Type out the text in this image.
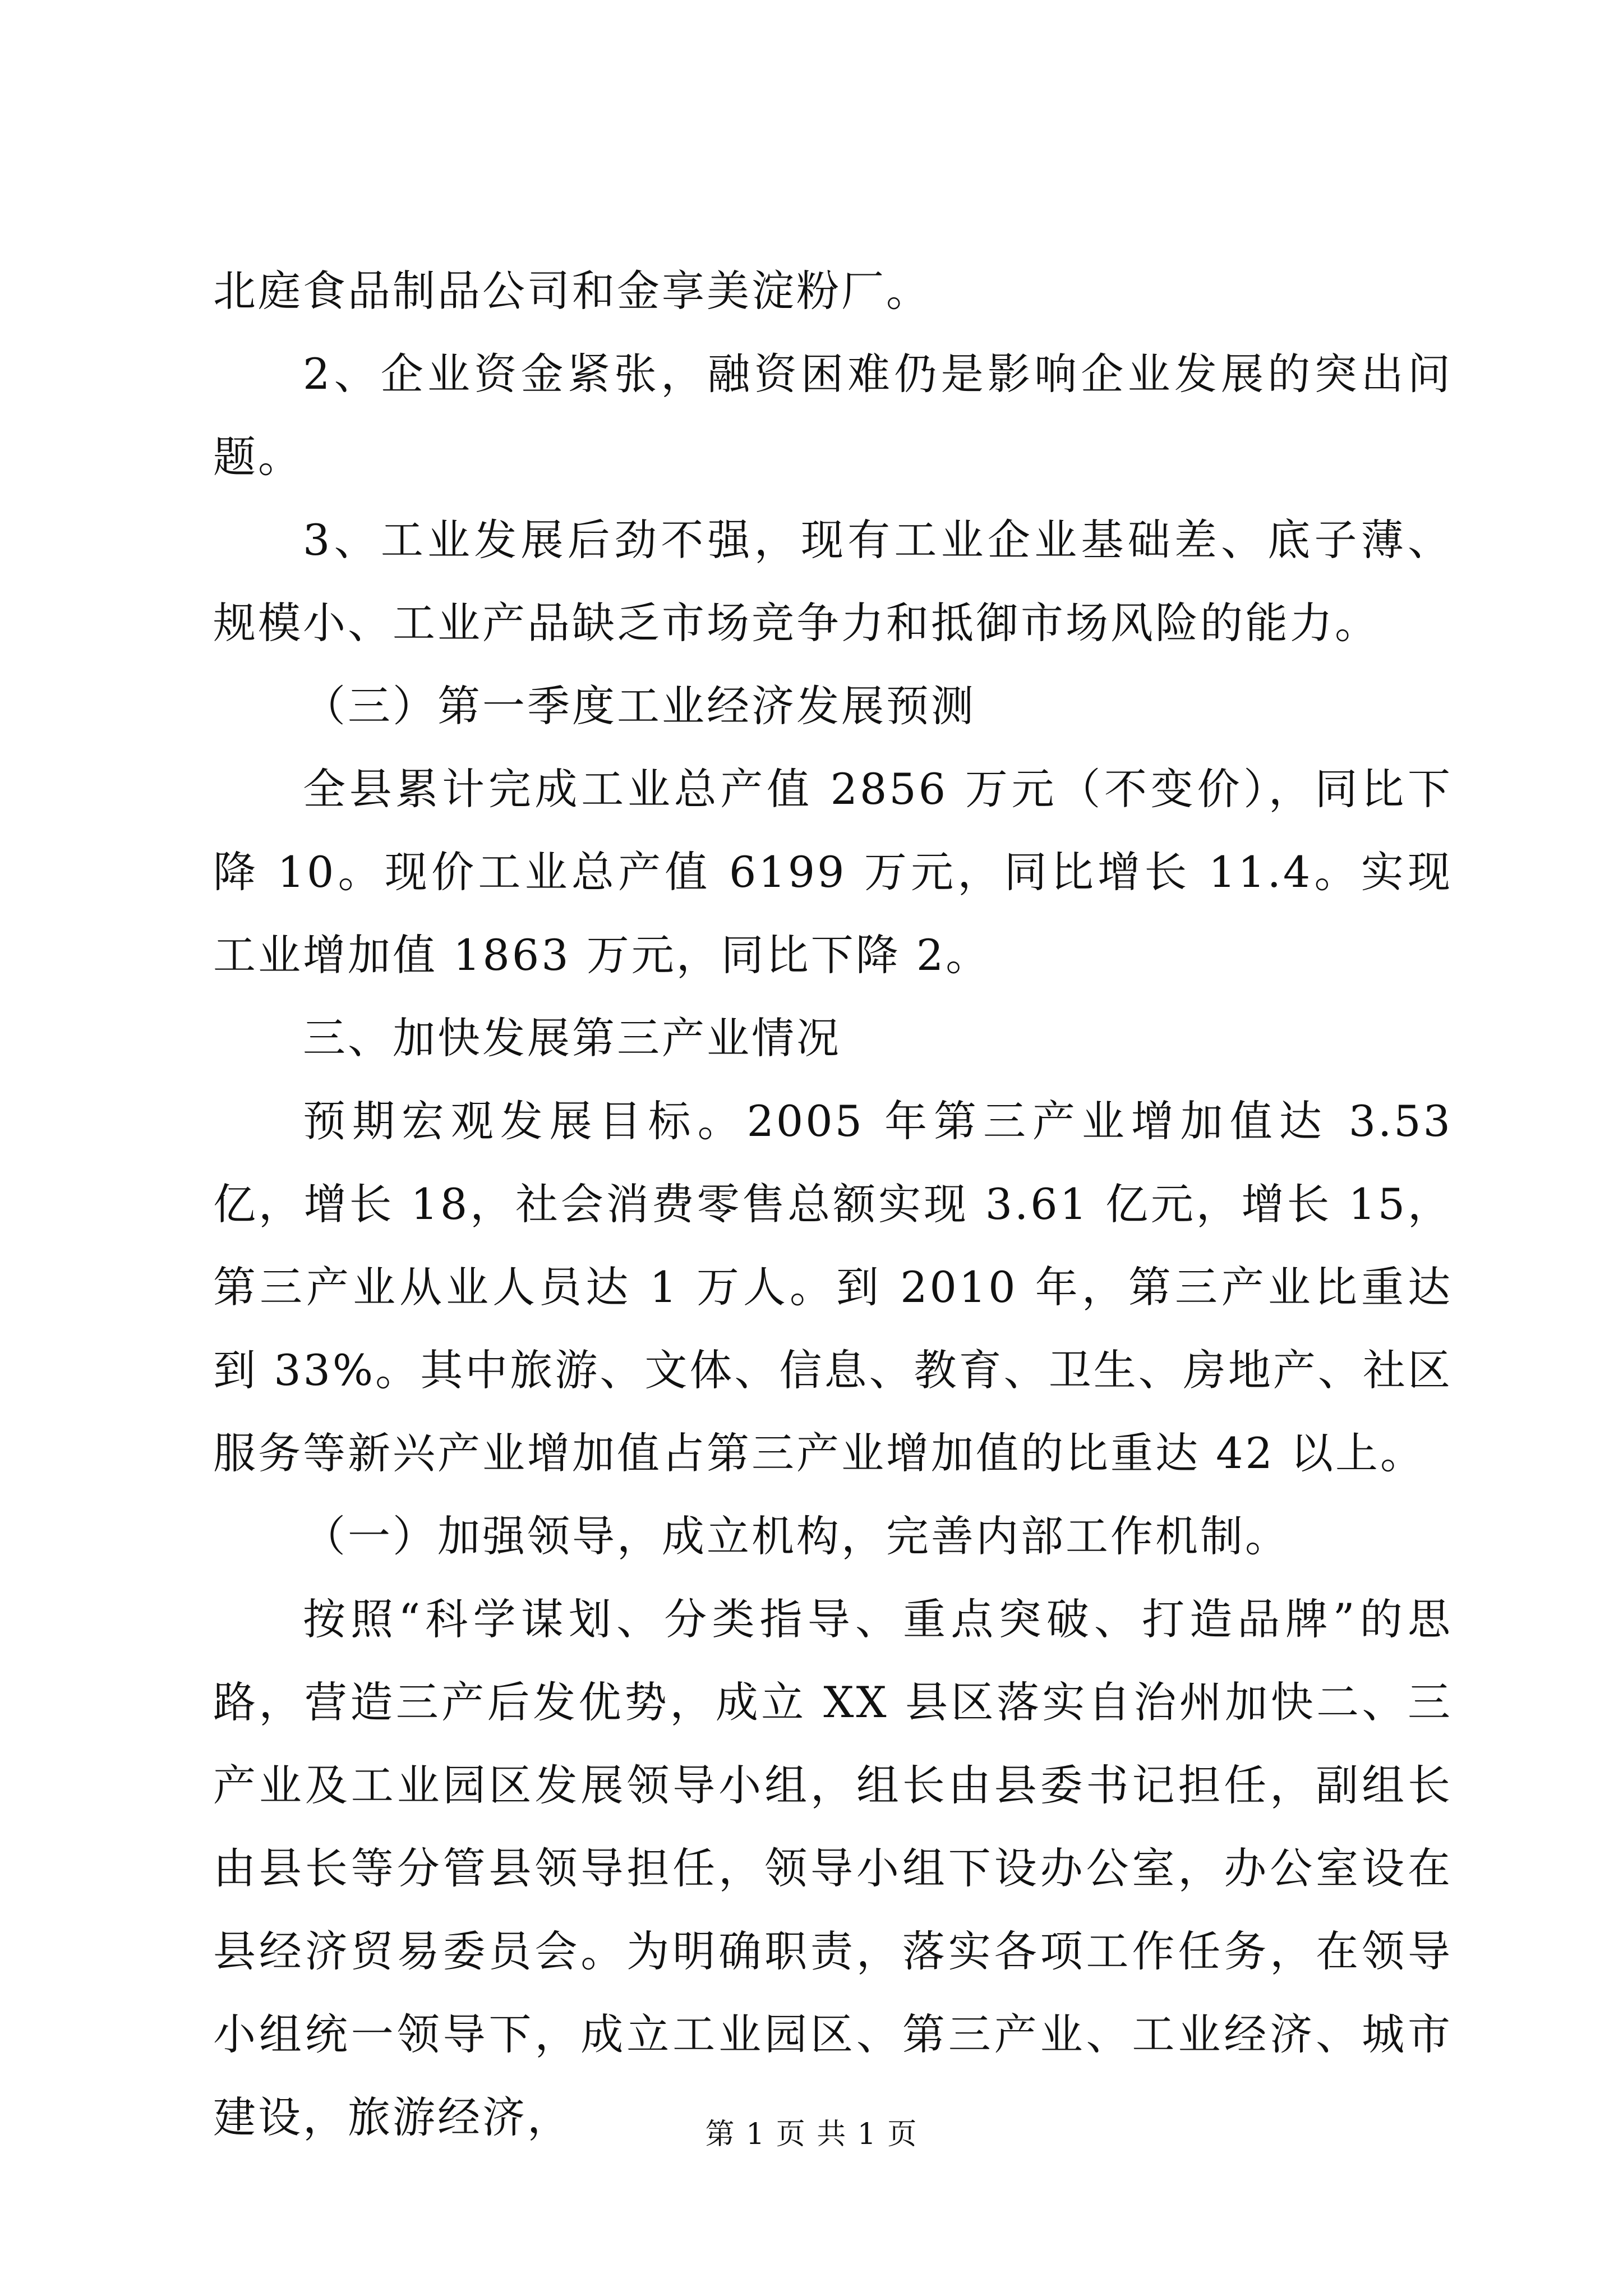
北庭食品制品公司和金享美淀粉厂。

2、企业资金紧张，融资困难仍是影响企业发展的突出问题。

3、工业发展后劲不强，现有工业企业基础差、底子薄、规模小、工业产品缺乏市场竞争力和抵御市场风险的能力。

（三）第一季度工业经济发展预测

全县累计完成工业总产值 2856 万元（不变价），同比下降 10。现价工业总产值 6199 万元，同比增长 11.4。实现工业增加值 1863 万元，同比下降 2。

三、加快发展第三产业情况

预期宏观发展目标。2005 年第三产业增加值达 3.53 亿，增长 18，社会消费零售总额实现 3.61 亿元，增长 15，第三产业从业人员达 1 万人。到 2010 年，第三产业比重达到 33%。其中旅游、文体、信息、教育、卫生、房地产、社区服务等新兴产业增加值占第三产业增加值的比重达 42 以上。

（一）加强领导，成立机构，完善内部工作机制。

按照“科学谋划、分类指导、重点突破、打造品牌”的思路，营造三产后发优势，成立 XX 县区落实自治州加快二、三产业及工业园区发展领导小组，组长由县委书记担任，副组长由县长等分管县领导担任，领导小组下设办公室，办公室设在县经济贸易委员会。为明确职责，落实各项工作任务，在领导小组统一领导下，成立工业园区、第三产业、工业经济、城市建设，旅游经济，	第 1 页 共 1 页
